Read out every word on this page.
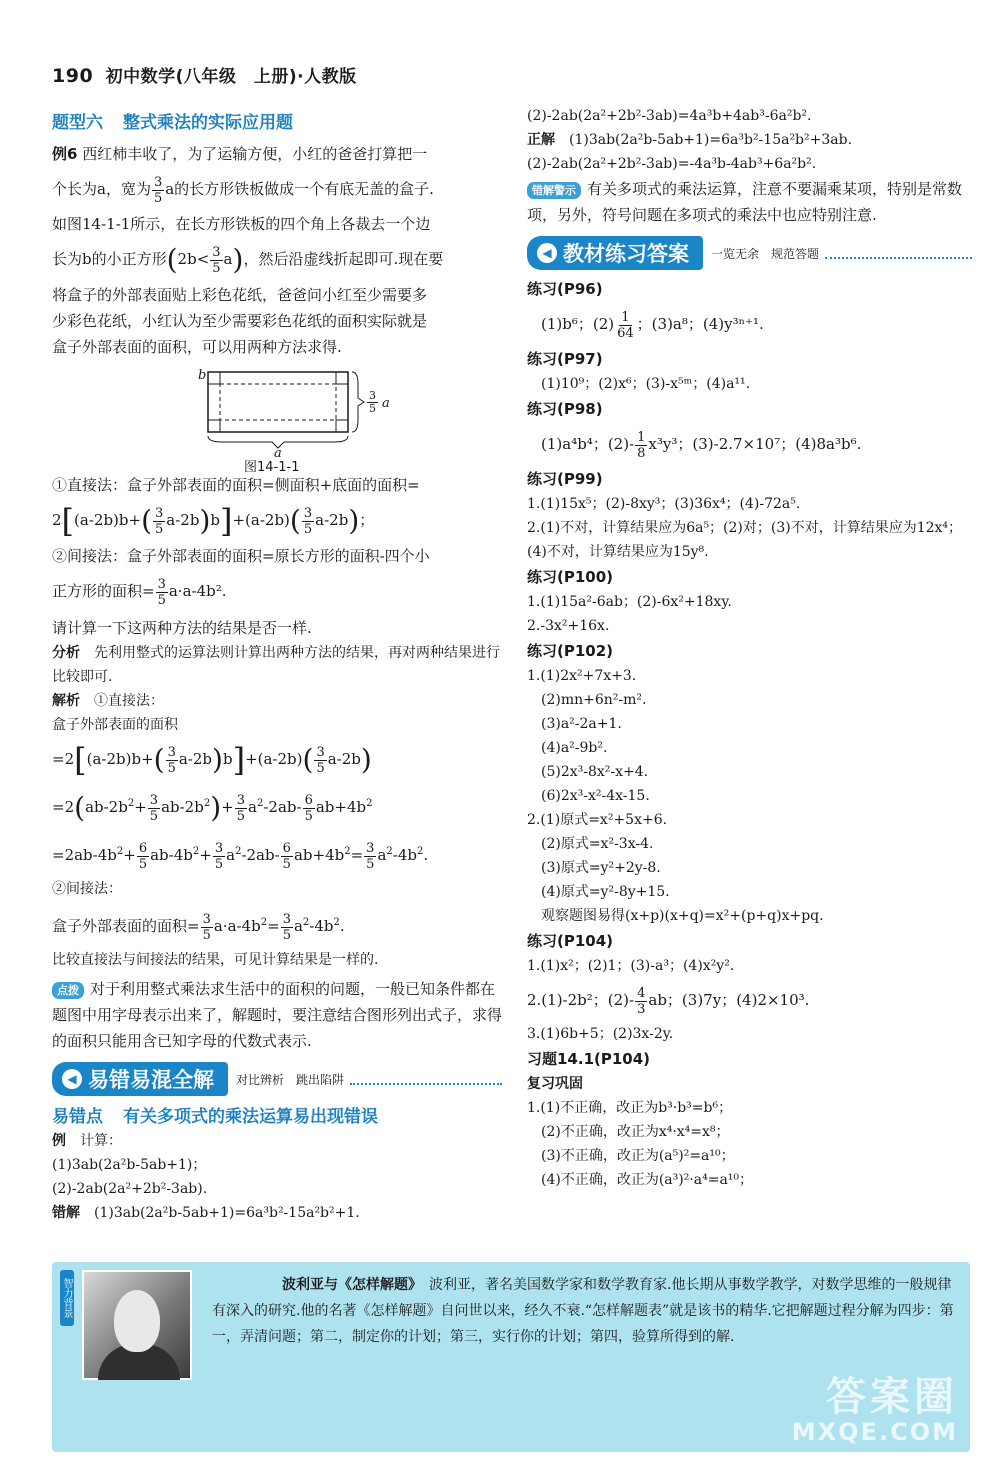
190 初中数学(八年级　上册)·人教版
题型六 整式乘法的实际应用题
例6 西红柿丰收了，为了运输方便，小红的爸爸打算把一
个长为a，宽为 $\frac{3}{5}$ a的长方形铁板做成一个有底无盖的盒子.
如图14-1-1所示，在长方形铁板的四个角上各裁去一个边
长为b的小正方形$(2b< \frac{3}{5} a)$，然后沿虚线折起即可.现在要
将盒子的外部表面贴上彩色花纸，爸爸问小红至少需要多
少彩色花纸，小红认为至少需要彩色花纸的面积实际就是
盒子外部表面的面积，可以用两种方法求得.
b
$\frac{3}{5}$ a
a
图14-1-1
①直接法：盒子外部表面的面积=侧面积+底面的面积=
$2[(a-2b)b+( \frac{3}{5} a-2b)b]+(a-2b)( \frac{3}{5} a-2b)$；
②间接法：盒子外部表面的面积=原长方形的面积-四个小
正方形的面积= $\frac{3}{5} a\cdot a-4b^2$.
请计算一下这两种方法的结果是否一样.
分析　 先利用整式的运算法则计算出两种方法的结果，再对两种结果进行比较即可.
解析　 ①直接法：
盒子外部表面的面积
$=2[(a-2b)b+( \frac{3}{5} a-2b)b]+(a-2b)( \frac{3}{5} a-2b)$
$=2(ab-2b^2+ \frac{3}{5} ab-2b^2)+ \frac{3}{5} a^2-2ab- \frac{6}{5} ab+4b^2$
$=2ab-4b^2+ \frac{6}{5} ab-4b^2+ \frac{3}{5} a^2-2ab- \frac{6}{5} ab+4b^2= \frac{3}{5} a^2-4b^2$.
②间接法：
盒子外部表面的面积= $\frac{3}{5} a\cdot a-4b^2= \frac{3}{5} a^2-4b^2$.
比较直接法与间接法的结果，可见计算结果是一样的.
点拨 对于利用整式乘法求生活中的面积的问题，一般已知条件都在题图中用字母表示出来了，解题时，要注意结合图形列出式子，求得的面积只能用含已知字母的代数式表示.
◀ 易错易混全解 对比辨析　跳出陷阱
易错点 有关多项式的乘法运算易出现错误
例　 计算：
(1)3ab(2a²b-5ab+1)；
(2)-2ab(2a²+2b²-3ab).
错解　 (1)3ab(2a²b-5ab+1)=6a³b²-15a²b²+1.
(2)-2ab(2a²+2b²-3ab)=4a³b+4ab³-6a²b².
正解　 (1)3ab(2a²b-5ab+1)=6a³b²-15a²b²+3ab.
(2)-2ab(2a²+2b²-3ab)=-4a³b-4ab³+6a²b².
错解警示 有关多项式的乘法运算，注意不要漏乘某项，特别是常数项，另外，符号问题在多项式的乘法中也应特别注意.
◀ 教材练习答案 一览无余　规范答题
练习(P96)
(1)b⁶；$(2) \frac{1}{64}$ ；(3)a⁸；(4)y³ⁿ⁺¹.
练习(P97)
(1)10⁹；(2)x⁶；(3)-x⁵ᵐ；(4)a¹¹.
练习(P98)
(1)a⁴b⁴；$(2)- \frac{1}{8} x^3y^3$；(3)-2.7×10⁷；(4)8a³b⁶.
练习(P99)
1.(1)15x⁵；(2)-8xy³；(3)36x⁴；(4)-72a⁵.
2.(1)不对，计算结果应为6a⁵；(2)对；(3)不对，计算结果应为12x⁴；(4)不对，计算结果应为15y⁸.
练习(P100)
1.(1)15a²-6ab；(2)-6x²+18xy.
2.-3x²+16x.
练习(P102)
1.(1)2x²+7x+3.
(2)mn+6n²-m².
(3)a²-2a+1.
(4)a²-9b².
(5)2x³-8x²-x+4.
(6)2x³-x²-4x-15.
2.(1)原式=x²+5x+6.
(2)原式=x²-3x-4.
(3)原式=y²+2y-8.
(4)原式=y²-8y+15.
观察题图易得(x+p)(x+q)=x²+(p+q)x+pq.
练习(P104)
1.(1)x²；(2)1；(3)-a³；(4)x²y².
2.(1)-2b²；$(2)- \frac{4}{3}$ ab；(3)7y；(4)2×10³.
3.(1)6b+5；(2)3x-2y.
习题14.1(P104)
复习巩固
1.(1)不正确，改正为b³·b³=b⁶；
(2)不正确，改正为x⁴·x⁴=x⁸；
(3)不正确，改正为(a⁵)²=a¹⁰；
(4)不正确，改正为(a³)²·a⁴=a¹⁰；
智力背景	波利亚与《怎样解题》　 波利亚，著名美国数学家和数学教育家.他长期从事数学教学，对数学思维的一般规律有深入的研究.他的名著《怎样解题》自问世以来，经久不衰.“怎样解题表”就是该书的精华.它把解题过程分解为四步：第一，弄清问题；第二，制定你的计划；第三，实行你的计划；第四，验算所得到的解.
答案圈
MXQE.COM
